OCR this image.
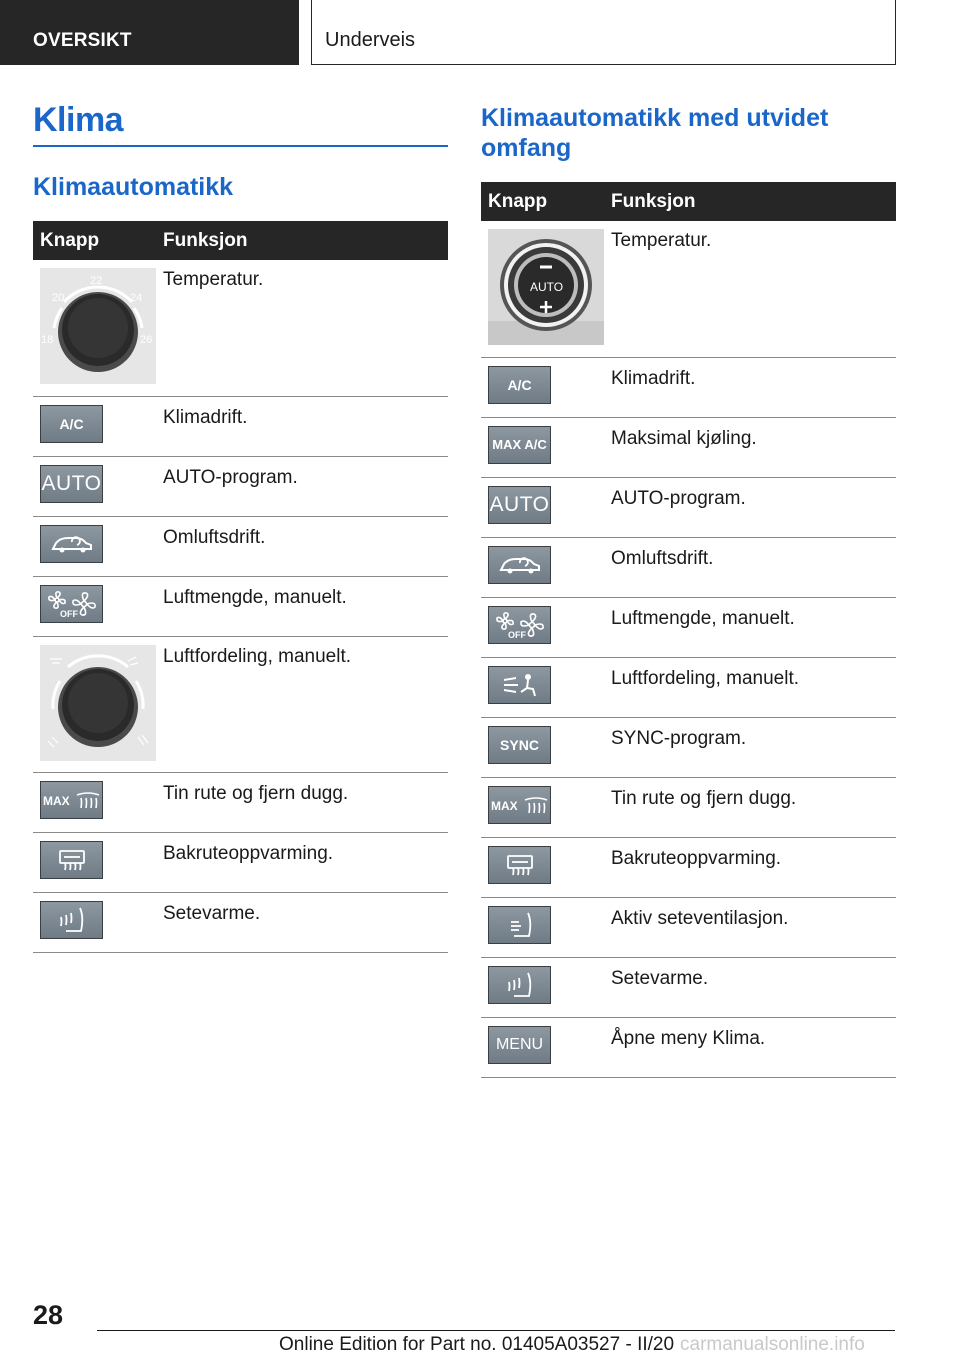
OVERSIKT	Underveis
Klima
Klimaautomatikk
Knapp	Funksjon

22
20 24
18 26	Temperatur.

A/C	Klimadrift.

AUTO	AUTO-program.

	Omluftsdrift.

OFF	Luftmengde, manuelt.

	Luftfordeling, manuelt.

MAX	Tin rute og fjern dugg.

	Bakruteoppvarming.

	Setevarme.
Klimaautomatikk med utvidet omfang
Knapp	Funksjon

AUTO	Temperatur.

A/C	Klimadrift.

MAX A/C	Maksimal kjøling.

AUTO	AUTO-program.

	Omluftsdrift.

OFF	Luftmengde, manuelt.

	Luftfordeling, manuelt.

SYNC	SYNC-program.

MAX	Tin rute og fjern dugg.

	Bakruteoppvarming.

	Aktiv seteventilasjon.

	Setevarme.

MENU	Åpne meny Klima.
28
Online Edition for Part no. 01405A03527 - II/20 carmanualsonline.info
